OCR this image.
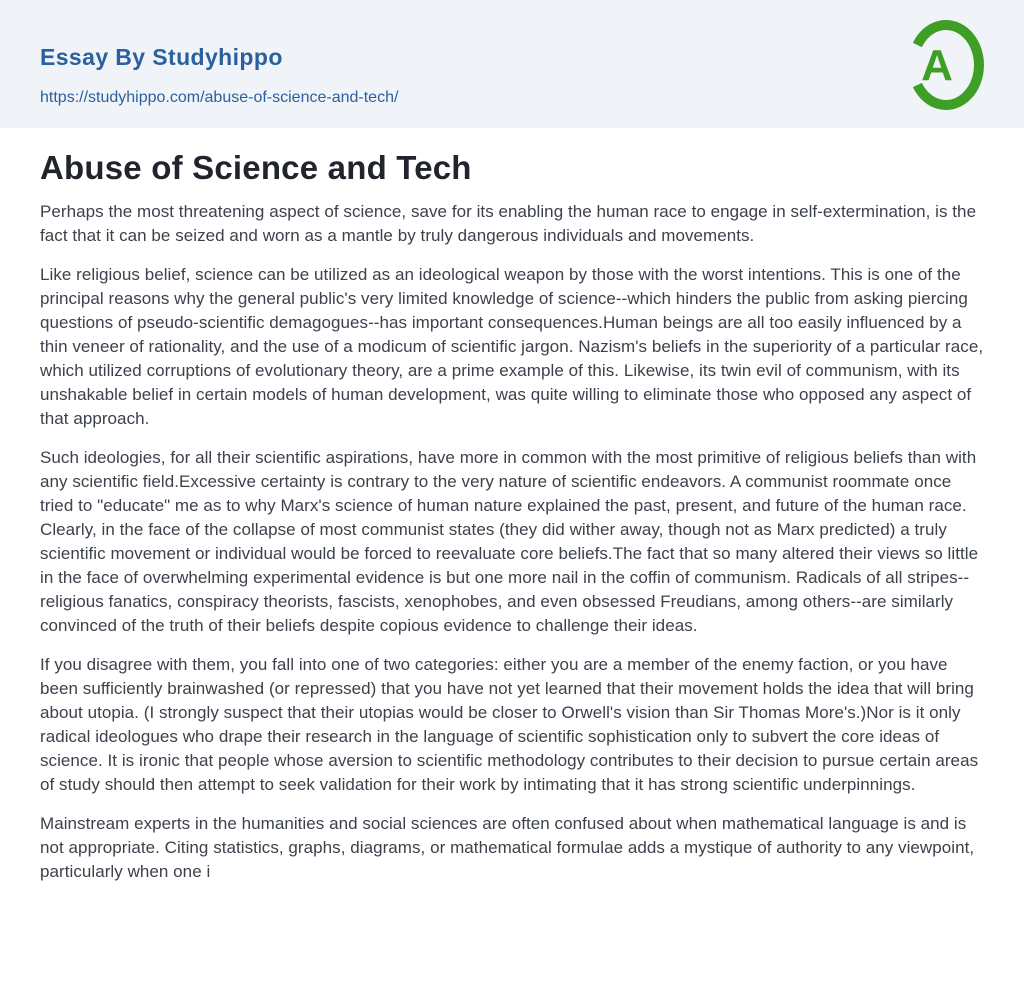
Essay By Studyhippo
https://studyhippo.com/abuse-of-science-and-tech/
A
Abuse of Science and Tech

Perhaps the most threatening aspect of science, save for its enabling the human race to engage in self-extermination, is the fact that it can be seized and worn as a mantle by truly dangerous individuals and movements.

Like religious belief, science can be utilized as an ideological weapon by those with the worst intentions. This is one of the principal reasons why the general public's very limited knowledge of science--which hinders the public from asking piercing questions of pseudo-scientific demagogues--has important consequences.Human beings are all too easily influenced by a thin veneer of rationality, and the use of a modicum of scientific jargon. Nazism's beliefs in the superiority of a particular race, which utilized corruptions of evolutionary theory, are a prime example of this. Likewise, its twin evil of communism, with its unshakable belief in certain models of human development, was quite willing to eliminate those who opposed any aspect of that approach.

Such ideologies, for all their scientific aspirations, have more in common with the most primitive of religious beliefs than with any scientific field.Excessive certainty is contrary to the very nature of scientific endeavors. A communist roommate once tried to "educate" me as to why Marx's science of human nature explained the past, present, and future of the human race. Clearly, in the face of the collapse of most communist states (they did wither away, though not as Marx predicted) a truly scientific movement or individual would be forced to reevaluate core beliefs.The fact that so many altered their views so little in the face of overwhelming experimental evidence is but one more nail in the coffin of communism. Radicals of all stripes-- religious fanatics, conspiracy theorists, fascists, xenophobes, and even obsessed Freudians, among others--are similarly convinced of the truth of their beliefs despite copious evidence to challenge their ideas.

If you disagree with them, you fall into one of two categories: either you are a member of the enemy faction, or you have been sufficiently brainwashed (or repressed) that you have not yet learned that their movement holds the idea that will bring about utopia. (I strongly suspect that their utopias would be closer to Orwell's vision than Sir Thomas More's.)Nor is it only radical ideologues who drape their research in the language of scientific sophistication only to subvert the core ideas of science. It is ironic that people whose aversion to scientific methodology contributes to their decision to pursue certain areas of study should then attempt to seek validation for their work by intimating that it has strong scientific underpinnings.

Mainstream experts in the humanities and social sciences are often confused about when mathematical language is and is not appropriate. Citing statistics, graphs, diagrams, or mathematical formulae adds a mystique of authority to any viewpoint, particularly when one i
